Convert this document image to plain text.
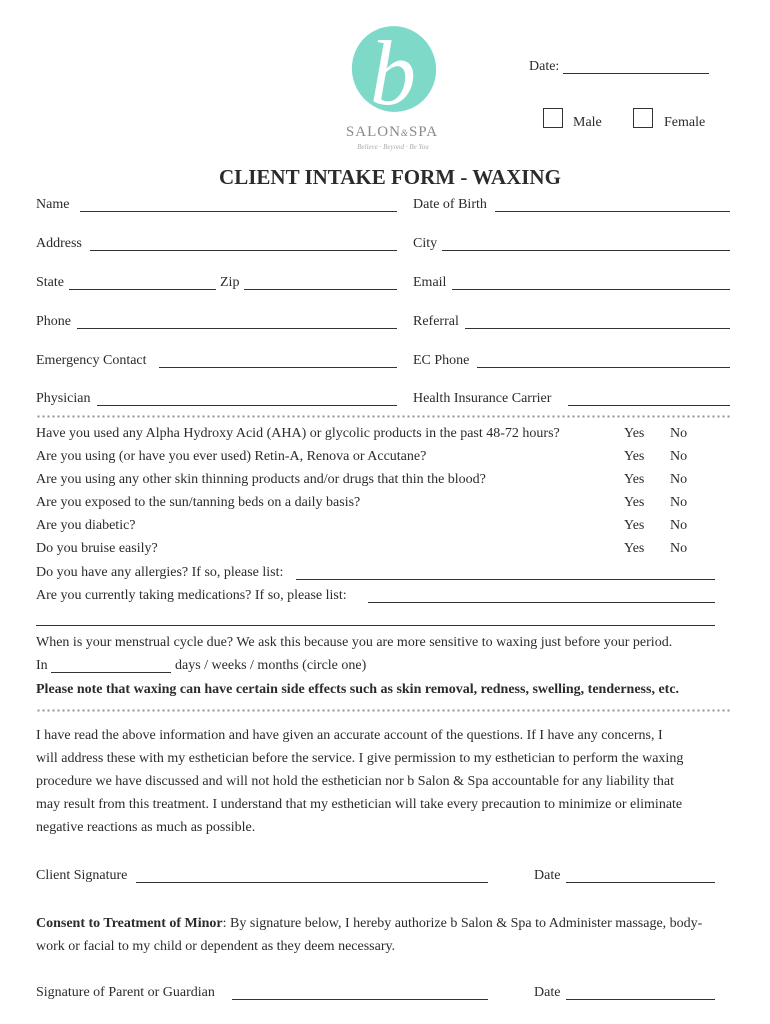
b
SALON&SPA
Believe · Beyond · Be You
Date:
Male	Female
CLIENT INTAKE FORM - WAXING
Name	Date of Birth
Address	City
State	Zip	Email
Phone	Referral
Emergency Contact	EC Phone
Physician	Health Insurance Carrier
Have you used any Alpha Hydroxy Acid (AHA) or glycolic products in the past 48-72 hours?	Yes No
Are you using (or have you ever used) Retin-A, Renova or Accutane?	Yes No
Are you using any other skin thinning products and/or drugs that thin the blood?	Yes No
Are you exposed to the sun/tanning beds on a daily basis?	Yes No
Are you diabetic?	Yes No
Do you bruise easily?	Yes No
Do you have any allergies? If so, please list:
Are you currently taking medications? If so, please list:
When is your menstrual cycle due? We ask this because you are more sensitive to waxing just before your period.
In	days / weeks / months (circle one)
Please note that waxing can have certain side effects such as skin removal, redness, swelling, tenderness, etc.
I have read the above information and have given an accurate account of the questions. If I have any concerns, I
will address these with my esthetician before the service. I give permission to my esthetician to perform the waxing
procedure we have discussed and will not hold the esthetician nor b Salon & Spa accountable for any liability that
may result from this treatment. I understand that my esthetician will take every precaution to minimize or eliminate
negative reactions as much as possible.
Client Signature	Date
Consent to Treatment of Minor: By signature below, I hereby authorize b Salon & Spa to Administer massage, body-
work or facial to my child or dependent as they deem necessary.
Signature of Parent or Guardian	Date
